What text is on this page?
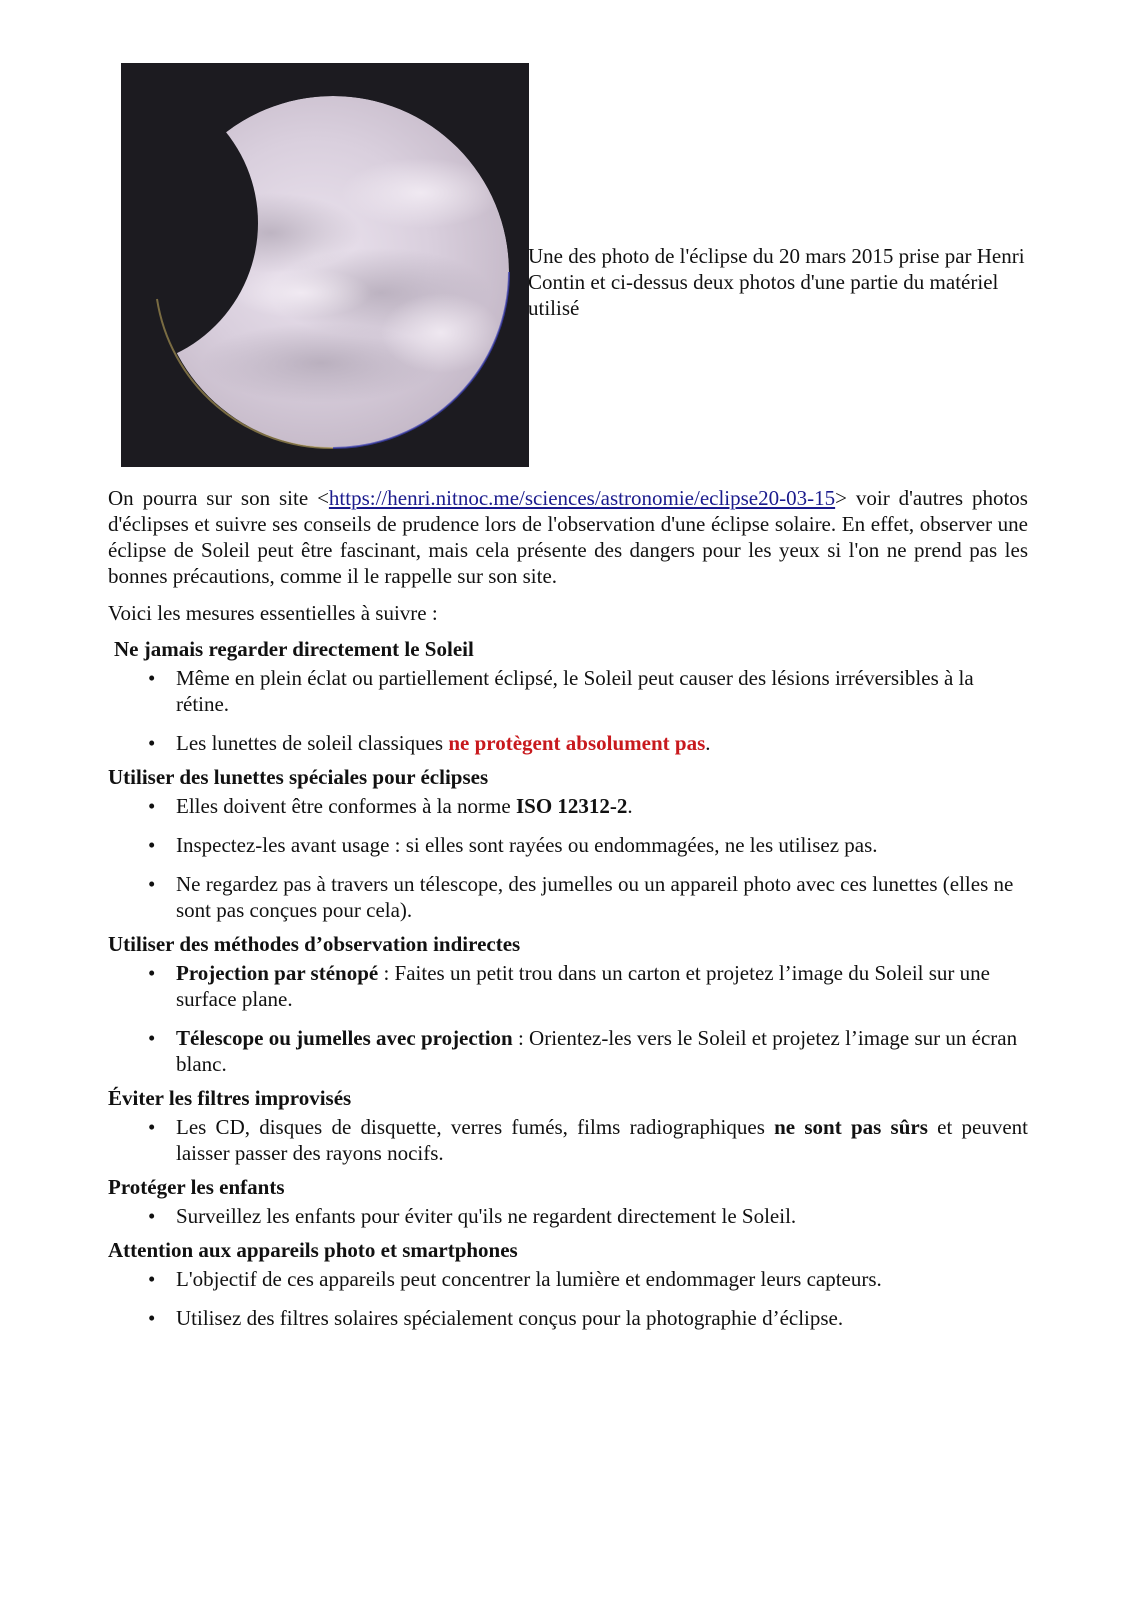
Une des photo de l'éclipse du 20 mars 2015 prise par Henri Contin et ci-dessus deux photos d'une partie du matériel utilisé

On pourra sur son site <https://henri.nitnoc.me/sciences/astronomie/eclipse20-03-15> voir d'autres photos d'éclipses et suivre ses conseils de prudence lors de l'observation d'une éclipse solaire. En effet, observer une éclipse de Soleil peut être fascinant, mais cela présente des dangers pour les yeux si l'on ne prend pas les bonnes précautions, comme il le rappelle sur son site.

Voici les mesures essentielles à suivre :

Ne jamais regarder directement le Soleil

• Même en plein éclat ou partiellement éclipsé, le Soleil peut causer des lésions irréversibles à la rétine.
• Les lunettes de soleil classiques ne protègent absolument pas.

Utiliser des lunettes spéciales pour éclipses

• Elles doivent être conformes à la norme ISO 12312-2.
• Inspectez-les avant usage : si elles sont rayées ou endommagées, ne les utilisez pas.
• Ne regardez pas à travers un télescope, des jumelles ou un appareil photo avec ces lunettes (elles ne sont pas conçues pour cela).

Utiliser des méthodes d’observation indirectes

• Projection par sténopé : Faites un petit trou dans un carton et projetez l’image du Soleil sur une surface plane.
• Télescope ou jumelles avec projection : Orientez-les vers le Soleil et projetez l’image sur un écran blanc.

Éviter les filtres improvisés

• Les CD, disques de disquette, verres fumés, films radiographiques ne sont pas sûrs et peuvent laisser passer des rayons nocifs.

Protéger les enfants

• Surveillez les enfants pour éviter qu'ils ne regardent directement le Soleil.

Attention aux appareils photo et smartphones

• L'objectif de ces appareils peut concentrer la lumière et endommager leurs capteurs.
• Utilisez des filtres solaires spécialement conçus pour la photographie d’éclipse.
